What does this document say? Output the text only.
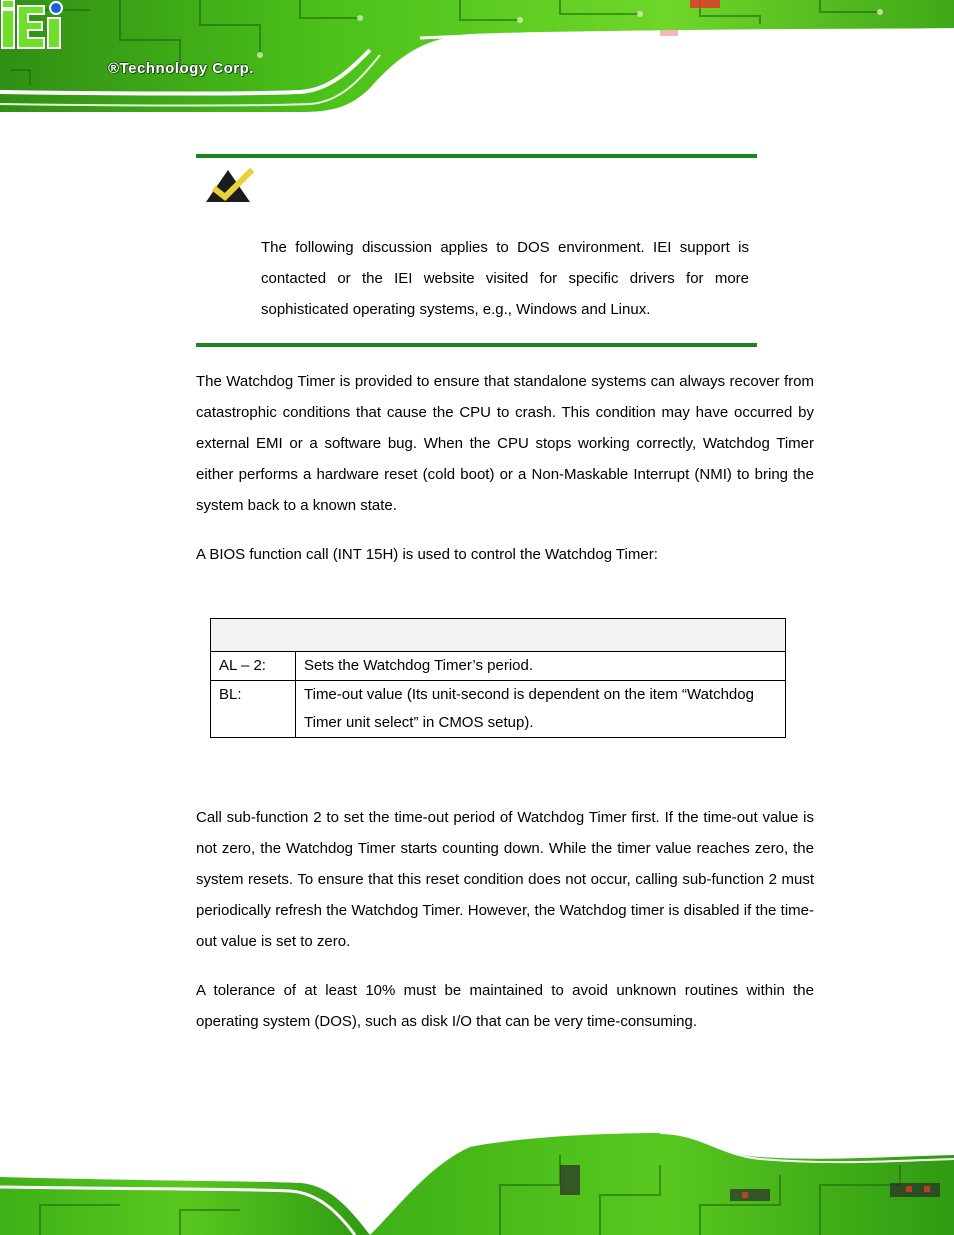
®Technology Corp.
The following discussion applies to DOS environment. IEI support is contacted or the IEI website visited for specific drivers for more sophisticated operating systems, e.g., Windows and Linux.

The Watchdog Timer is provided to ensure that standalone systems can always recover from catastrophic conditions that cause the CPU to crash. This condition may have occurred by external EMI or a software bug. When the CPU stops working correctly, Watchdog Timer either performs a hardware reset (cold boot) or a Non-Maskable Interrupt (NMI) to bring the system back to a known state.

A BIOS function call (INT 15H) is used to control the Watchdog Timer:

AL – 2:	Sets the Watchdog Timer’s period.
BL:	Time-out value (Its unit-second is dependent on the item “Watchdog Timer unit select” in CMOS setup).

Call sub-function 2 to set the time-out period of Watchdog Timer first. If the time-out value is not zero, the Watchdog Timer starts counting down. While the timer value reaches zero, the system resets. To ensure that this reset condition does not occur, calling sub-function 2 must periodically refresh the Watchdog Timer. However, the Watchdog timer is disabled if the time-out value is set to zero.

A tolerance of at least 10% must be maintained to avoid unknown routines within the operating system (DOS), such as disk I/O that can be very time-consuming.
